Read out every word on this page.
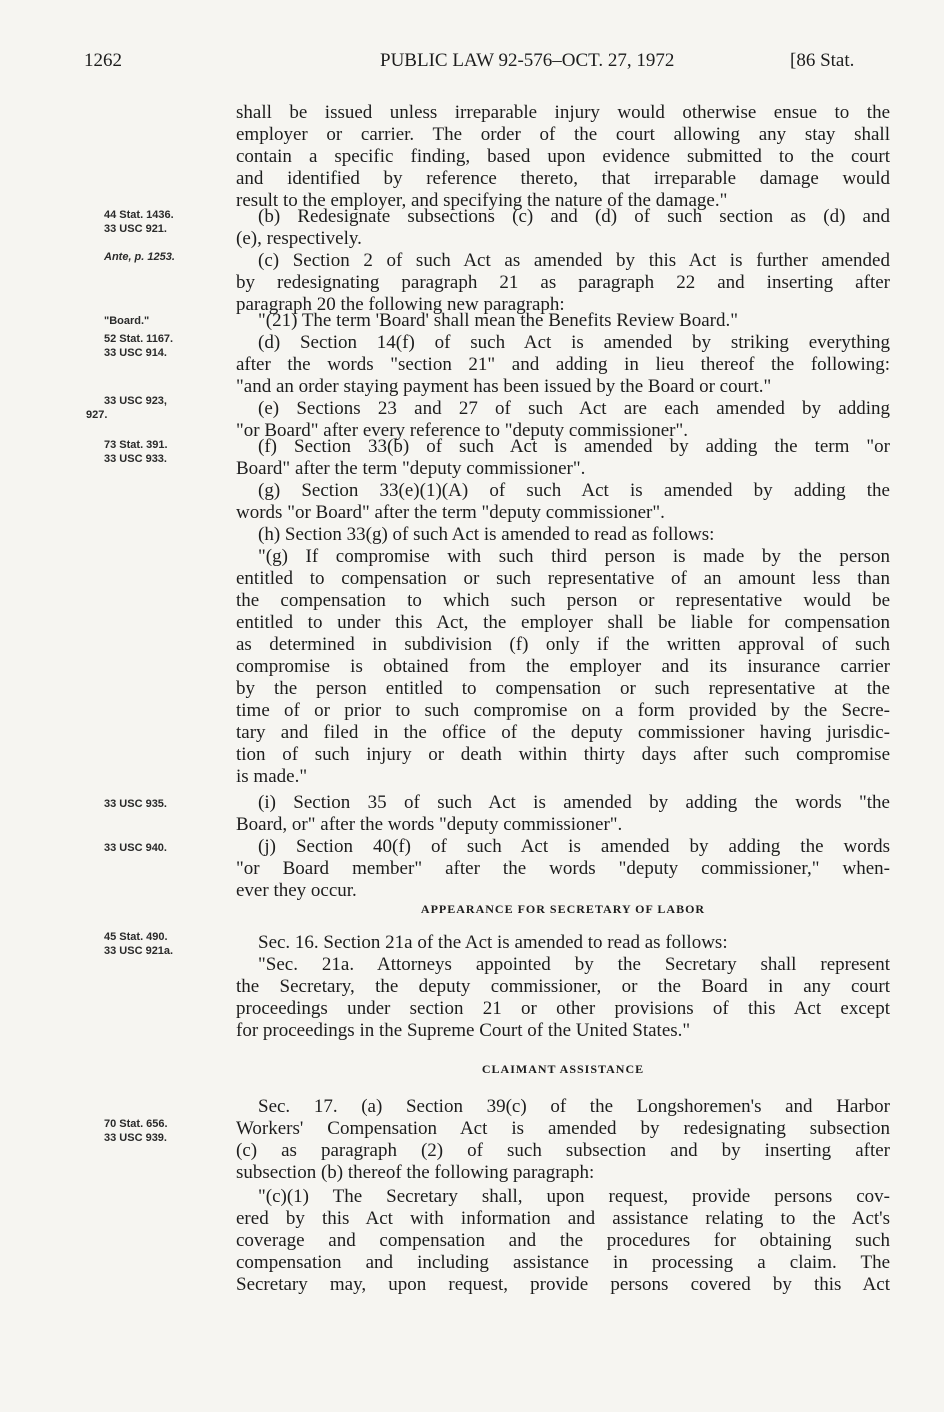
1262	PUBLIC LAW 92-576–OCT. 27, 1972	[86 Stat.
44 Stat. 1436.
33 USC 921.
Ante, p. 1253.
"Board."
52 Stat. 1167.
33 USC 914.
33 USC 923,
927.
73 Stat. 391.
33 USC 933.
33 USC 935.
33 USC 940.
45 Stat. 490.
33 USC 921a.
70 Stat. 656.
33 USC 939.
shall be issued unless irreparable injury would otherwise ensue to the
employer or carrier. The order of the court allowing any stay shall
contain a specific finding, based upon evidence submitted to the court
and identified by reference thereto, that irreparable damage would
result to the employer, and specifying the nature of the damage."
(b) Redesignate subsections (c) and (d) of such section as (d) and
(e), respectively.
(c) Section 2 of such Act as amended by this Act is further amended
by redesignating paragraph 21 as paragraph 22 and inserting after
paragraph 20 the following new paragraph:
"(21) The term 'Board' shall mean the Benefits Review Board."
(d) Section 14(f) of such Act is amended by striking everything
after the words "section 21" and adding in lieu thereof the following:
"and an order staying payment has been issued by the Board or court."
(e) Sections 23 and 27 of such Act are each amended by adding
"or Board" after every reference to "deputy commissioner".
(f) Section 33(b) of such Act is amended by adding the term "or
Board" after the term "deputy commissioner".
(g) Section 33(e)(1)(A) of such Act is amended by adding the
words "or Board" after the term "deputy commissioner".
(h) Section 33(g) of such Act is amended to read as follows:
"(g) If compromise with such third person is made by the person
entitled to compensation or such representative of an amount less than
the compensation to which such person or representative would be
entitled to under this Act, the employer shall be liable for compensation
as determined in subdivision (f) only if the written approval of such
compromise is obtained from the employer and its insurance carrier
by the person entitled to compensation or such representative at the
time of or prior to such compromise on a form provided by the Secre-
tary and filed in the office of the deputy commissioner having jurisdic-
tion of such injury or death within thirty days after such compromise
is made."
(i) Section 35 of such Act is amended by adding the words "the
Board, or" after the words "deputy commissioner".
(j) Section 40(f) of such Act is amended by adding the words
"or Board member" after the words "deputy commissioner," when-
ever they occur.
APPEARANCE FOR SECRETARY OF LABOR
Sec. 16. Section 21a of the Act is amended to read as follows:
"Sec. 21a. Attorneys appointed by the Secretary shall represent
the Secretary, the deputy commissioner, or the Board in any court
proceedings under section 21 or other provisions of this Act except
for proceedings in the Supreme Court of the United States."
CLAIMANT ASSISTANCE
Sec. 17. (a) Section 39(c) of the Longshoremen's and Harbor
Workers' Compensation Act is amended by redesignating subsection
(c) as paragraph (2) of such subsection and by inserting after
subsection (b) thereof the following paragraph:
"(c)(1) The Secretary shall, upon request, provide persons cov-
ered by this Act with information and assistance relating to the Act's
coverage and compensation and the procedures for obtaining such
compensation and including assistance in processing a claim. The
Secretary may, upon request, provide persons covered by this Act
